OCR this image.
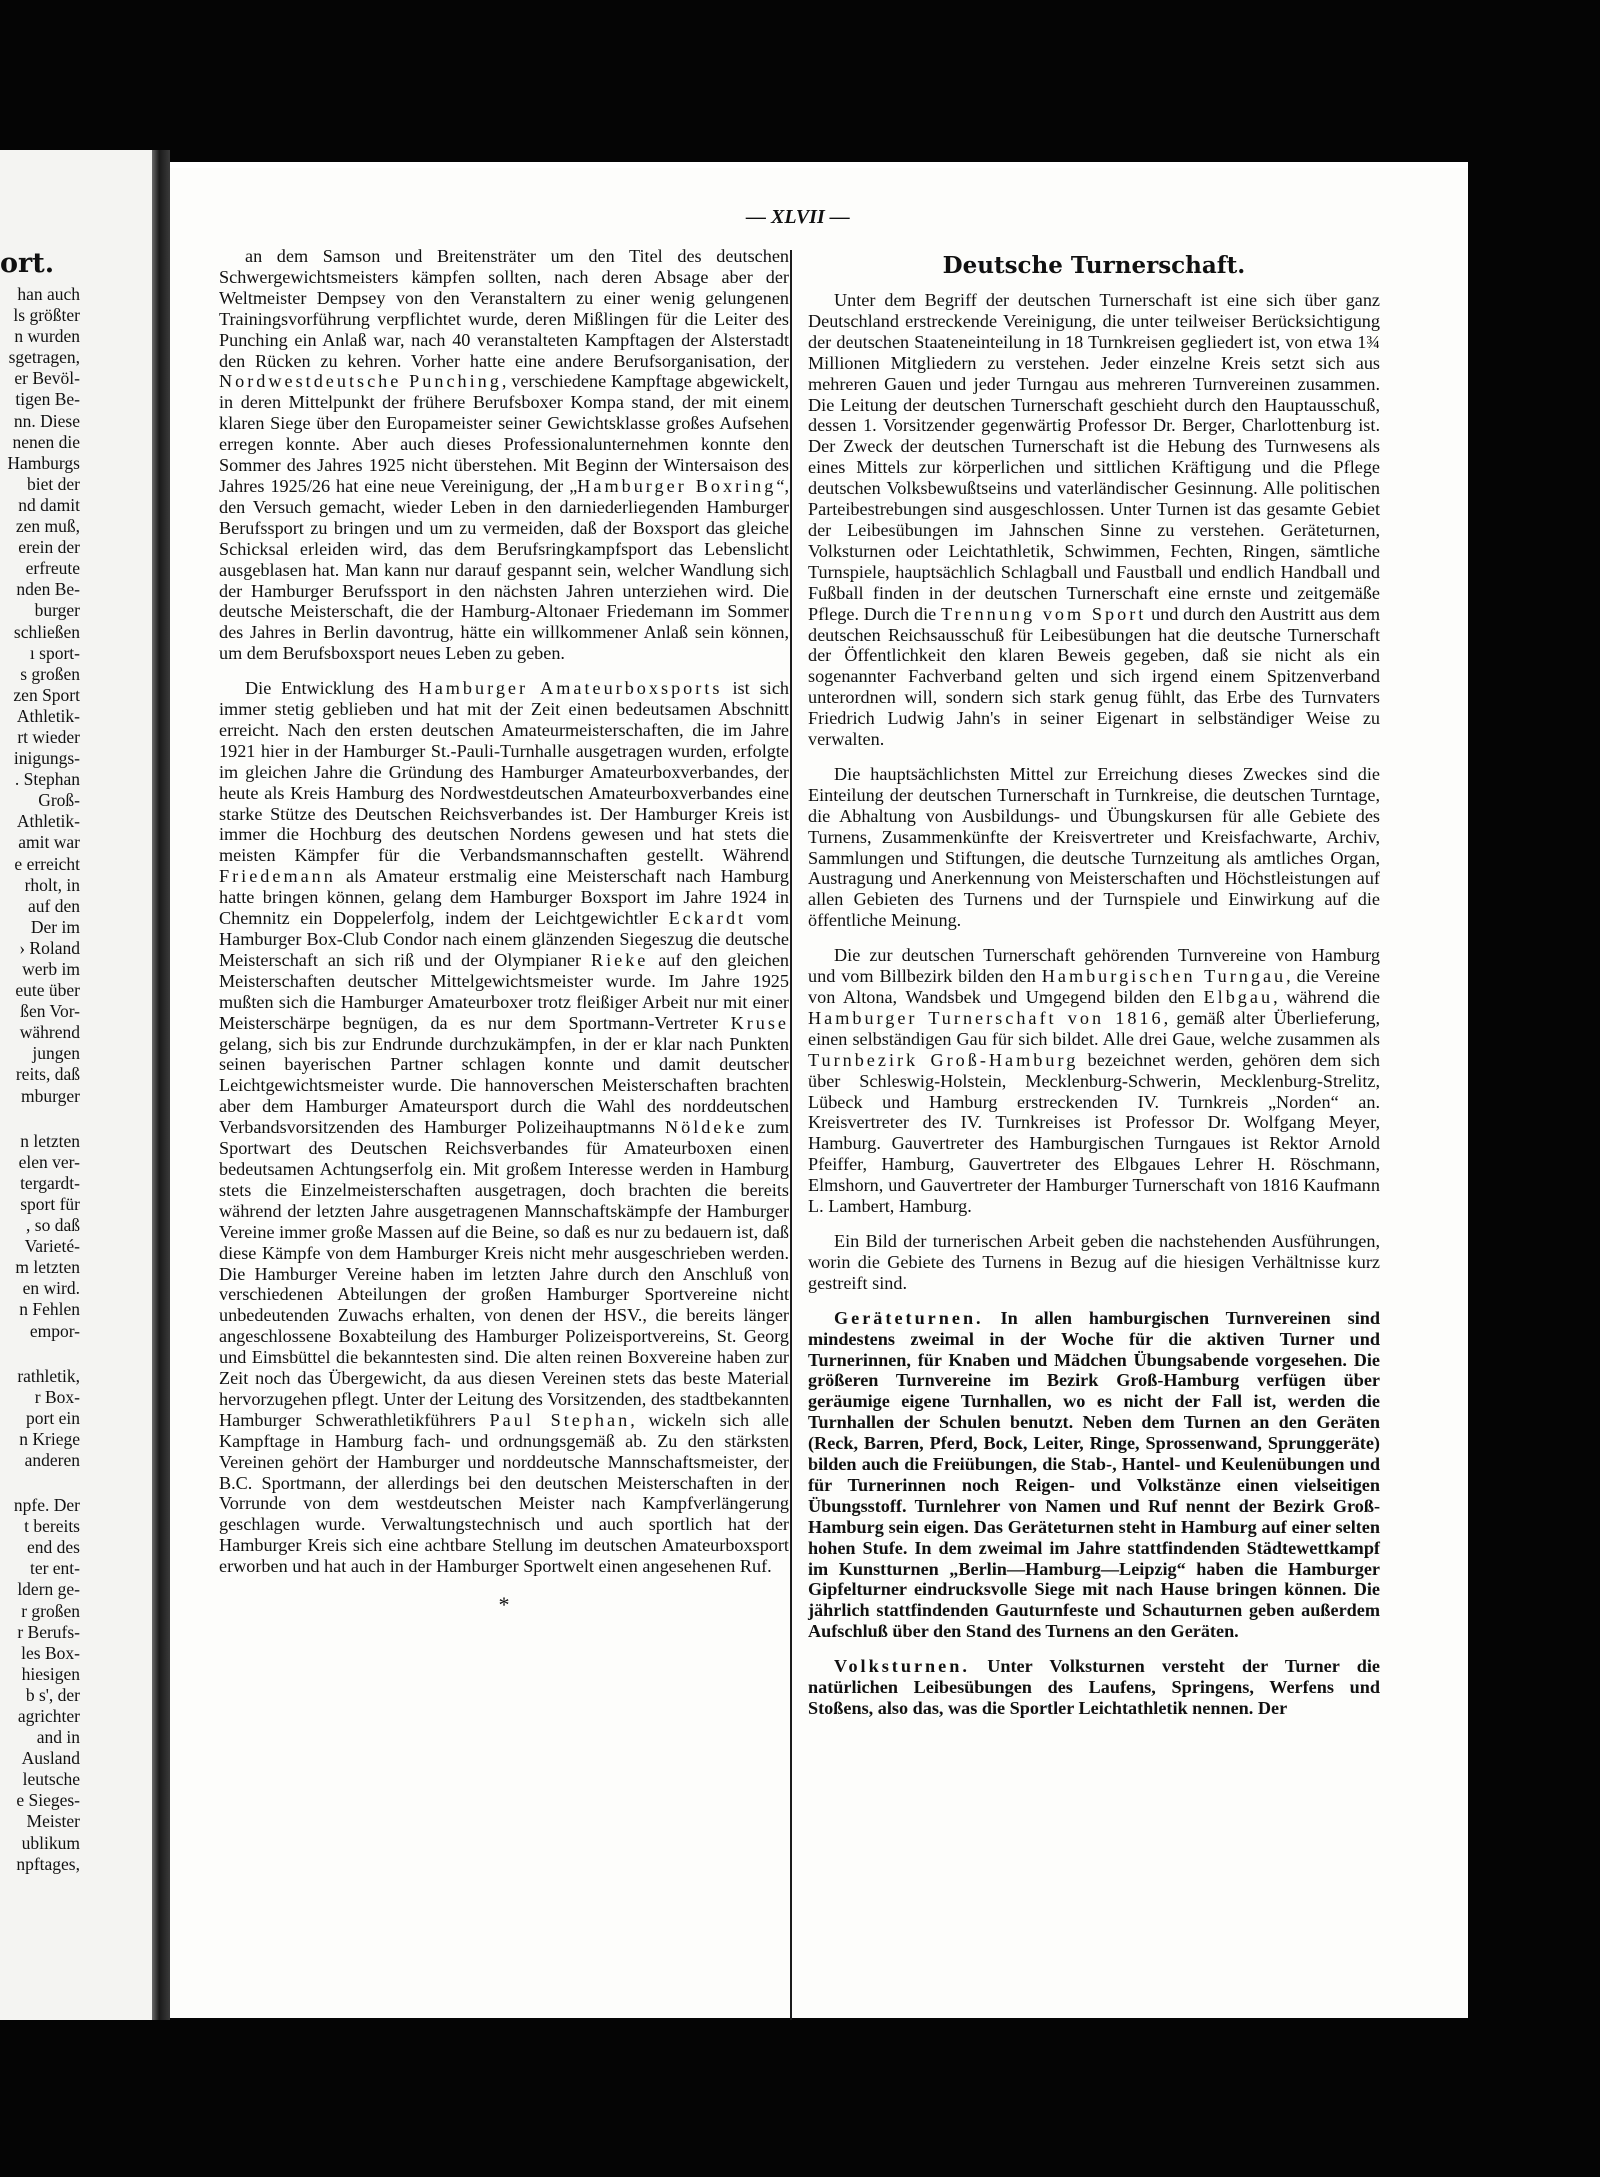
ort.
han auch
ls größter
n wurden
sgetragen,
er Bevöl-
tigen Be-
nn. Diese
nenen die
Hamburgs
biet der
nd damit
zen muß,
erein der
erfreute
nden Be-
burger
schließen
ı sport-
s großen
zen Sport
Athletik-
rt wieder
inigungs-
. Stephan
Groß-
Athletik-
amit war
e erreicht
rholt, in
auf den
Der im
› Roland
werb im
eute über
ßen Vor-
während
jungen
reits, daß
mburger
n letzten
elen ver-
tergardt-
sport für
, so daß
Varieté-
m letzten
en wird.
n Fehlen
empor-
rathletik,
r Box-
port ein
n Kriege
anderen
npfe. Der
t bereits
end des
ter ent-
ldern ge-
r großen
r Berufs-
les Box-
hiesigen
b s', der
agrichter
and in
Ausland
leutsche
e Sieges-
Meister
ublikum
npftages,
— XLVII —

an dem Samson und Breitensträter um den Titel des deutschen Schwergewichtsmeisters kämpfen sollten, nach deren Absage aber der Weltmeister Dempsey von den Veranstaltern zu einer wenig gelungenen Trainingsvorführung verpflichtet wurde, deren Mißlingen für die Leiter des Punching ein Anlaß war, nach 40 veranstalteten Kampftagen der Alsterstadt den Rücken zu kehren. Vorher hatte eine andere Berufsorganisation, der Nordwestdeutsche Punching, verschiedene Kampftage abgewickelt, in deren Mittelpunkt der frühere Berufsboxer Kompa stand, der mit einem klaren Siege über den Europameister seiner Gewichtsklasse großes Aufsehen erregen konnte. Aber auch dieses Professionalunternehmen konnte den Sommer des Jahres 1925 nicht überstehen. Mit Beginn der Wintersaison des Jahres 1925/26 hat eine neue Vereinigung, der „Hamburger Boxring“, den Versuch gemacht, wieder Leben in den darniederliegenden Hamburger Berufssport zu bringen und um zu vermeiden, daß der Boxsport das gleiche Schicksal erleiden wird, das dem Berufsringkampfsport das Lebenslicht ausgeblasen hat. Man kann nur darauf gespannt sein, welcher Wandlung sich der Hamburger Berufssport in den nächsten Jahren unterziehen wird. Die deutsche Meisterschaft, die der Hamburg-Altonaer Friedemann im Sommer des Jahres in Berlin davontrug, hätte ein willkommener Anlaß sein können, um dem Berufsboxsport neues Leben zu geben.

Die Entwicklung des Hamburger Amateurboxsports ist sich immer stetig geblieben und hat mit der Zeit einen bedeutsamen Abschnitt erreicht. Nach den ersten deutschen Amateurmeisterschaften, die im Jahre 1921 hier in der Hamburger St.-Pauli-Turnhalle ausgetragen wurden, erfolgte im gleichen Jahre die Gründung des Hamburger Amateurboxverbandes, der heute als Kreis Hamburg des Nordwestdeutschen Amateurboxverbandes eine starke Stütze des Deutschen Reichsverbandes ist. Der Hamburger Kreis ist immer die Hochburg des deutschen Nordens gewesen und hat stets die meisten Kämpfer für die Verbandsmannschaften gestellt. Während Friedemann als Amateur erstmalig eine Meisterschaft nach Hamburg hatte bringen können, gelang dem Hamburger Boxsport im Jahre 1924 in Chemnitz ein Doppelerfolg, indem der Leichtgewichtler Eckardt vom Hamburger Box-Club Condor nach einem glänzenden Siegeszug die deutsche Meisterschaft an sich riß und der Olympianer Rieke auf den gleichen Meisterschaften deutscher Mittelgewichtsmeister wurde. Im Jahre 1925 mußten sich die Hamburger Amateurboxer trotz fleißiger Arbeit nur mit einer Meisterschärpe begnügen, da es nur dem Sportmann-Vertreter Kruse gelang, sich bis zur Endrunde durchzukämpfen, in der er klar nach Punkten seinen bayerischen Partner schlagen konnte und damit deutscher Leichtgewichtsmeister wurde. Die hannoverschen Meisterschaften brachten aber dem Hamburger Amateursport durch die Wahl des norddeutschen Verbandsvorsitzenden des Hamburger Polizeihauptmanns Nöldeke zum Sportwart des Deutschen Reichsverbandes für Amateurboxen einen bedeutsamen Achtungserfolg ein. Mit großem Interesse werden in Hamburg stets die Einzelmeisterschaften ausgetragen, doch brachten die bereits während der letzten Jahre ausgetragenen Mannschaftskämpfe der Hamburger Vereine immer große Massen auf die Beine, so daß es nur zu bedauern ist, daß diese Kämpfe von dem Hamburger Kreis nicht mehr ausgeschrieben werden. Die Hamburger Vereine haben im letzten Jahre durch den Anschluß von verschiedenen Abteilungen der großen Hamburger Sportvereine nicht unbedeutenden Zuwachs erhalten, von denen der HSV., die bereits länger angeschlossene Boxabteilung des Hamburger Polizeisportvereins, St. Georg und Eimsbüttel die bekanntesten sind. Die alten reinen Boxvereine haben zur Zeit noch das Übergewicht, da aus diesen Vereinen stets das beste Material hervorzugehen pflegt. Unter der Leitung des Vorsitzenden, des stadtbekannten Hamburger Schwerathletikführers Paul Stephan, wickeln sich alle Kampftage in Hamburg fach- und ordnungsgemäß ab. Zu den stärksten Vereinen gehört der Hamburger und norddeutsche Mannschaftsmeister, der B.C. Sportmann, der allerdings bei den deutschen Meisterschaften in der Vorrunde von dem westdeutschen Meister nach Kampfverlängerung geschlagen wurde. Verwaltungstechnisch und auch sportlich hat der Hamburger Kreis sich eine achtbare Stellung im deutschen Amateurboxsport erworben und hat auch in der Hamburger Sportwelt einen angesehenen Ruf.

*
Deutsche Turnerschaft.

Unter dem Begriff der deutschen Turnerschaft ist eine sich über ganz Deutschland erstreckende Vereinigung, die unter teilweiser Berücksichtigung der deutschen Staateneinteilung in 18 Turnkreisen gegliedert ist, von etwa 1¾ Millionen Mitgliedern zu verstehen. Jeder einzelne Kreis setzt sich aus mehreren Gauen und jeder Turngau aus mehreren Turnvereinen zusammen. Die Leitung der deutschen Turnerschaft geschieht durch den Hauptausschuß, dessen 1. Vorsitzender gegenwärtig Professor Dr. Berger, Charlottenburg ist. Der Zweck der deutschen Turnerschaft ist die Hebung des Turnwesens als eines Mittels zur körperlichen und sittlichen Kräftigung und die Pflege deutschen Volksbewußtseins und vaterländischer Gesinnung. Alle politischen Parteibestrebungen sind ausgeschlossen. Unter Turnen ist das gesamte Gebiet der Leibesübungen im Jahnschen Sinne zu verstehen. Geräteturnen, Volksturnen oder Leichtathletik, Schwimmen, Fechten, Ringen, sämtliche Turnspiele, hauptsächlich Schlagball und Faustball und endlich Handball und Fußball finden in der deutschen Turnerschaft eine ernste und zeitgemäße Pflege. Durch die Trennung vom Sport und durch den Austritt aus dem deutschen Reichsausschuß für Leibesübungen hat die deutsche Turnerschaft der Öffentlichkeit den klaren Beweis gegeben, daß sie nicht als ein sogenannter Fachverband gelten und sich irgend einem Spitzenverband unterordnen will, sondern sich stark genug fühlt, das Erbe des Turnvaters Friedrich Ludwig Jahn's in seiner Eigenart in selbständiger Weise zu verwalten.

Die hauptsächlichsten Mittel zur Erreichung dieses Zweckes sind die Einteilung der deutschen Turnerschaft in Turnkreise, die deutschen Turntage, die Abhaltung von Ausbildungs- und Übungskursen für alle Gebiete des Turnens, Zusammenkünfte der Kreisvertreter und Kreisfachwarte, Archiv, Sammlungen und Stiftungen, die deutsche Turnzeitung als amtliches Organ, Austragung und Anerkennung von Meisterschaften und Höchstleistungen auf allen Gebieten des Turnens und der Turnspiele und Einwirkung auf die öffentliche Meinung.

Die zur deutschen Turnerschaft gehörenden Turnvereine von Hamburg und vom Billbezirk bilden den Hamburgischen Turngau, die Vereine von Altona, Wandsbek und Umgegend bilden den Elbgau, während die Hamburger Turnerschaft von 1816, gemäß alter Überlieferung, einen selbständigen Gau für sich bildet. Alle drei Gaue, welche zusammen als Turnbezirk Groß-Hamburg bezeichnet werden, gehören dem sich über Schleswig-Holstein, Mecklenburg-Schwerin, Mecklenburg-Strelitz, Lübeck und Hamburg erstreckenden IV. Turnkreis „Norden“ an. Kreisvertreter des IV. Turnkreises ist Professor Dr. Wolfgang Meyer, Hamburg. Gauvertreter des Hamburgischen Turngaues ist Rektor Arnold Pfeiffer, Hamburg, Gauvertreter des Elbgaues Lehrer H. Röschmann, Elmshorn, und Gauvertreter der Hamburger Turnerschaft von 1816 Kaufmann L. Lambert, Hamburg.

Ein Bild der turnerischen Arbeit geben die nachstehenden Ausführungen, worin die Gebiete des Turnens in Bezug auf die hiesigen Verhältnisse kurz gestreift sind.

Geräteturnen. In allen hamburgischen Turnvereinen sind mindestens zweimal in der Woche für die aktiven Turner und Turnerinnen, für Knaben und Mädchen Übungsabende vorgesehen. Die größeren Turnvereine im Bezirk Groß-Hamburg verfügen über geräumige eigene Turnhallen, wo es nicht der Fall ist, werden die Turnhallen der Schulen benutzt. Neben dem Turnen an den Geräten (Reck, Barren, Pferd, Bock, Leiter, Ringe, Sprossenwand, Sprunggeräte) bilden auch die Freiübungen, die Stab-, Hantel- und Keulenübungen und für Turnerinnen noch Reigen- und Volkstänze einen vielseitigen Übungsstoff. Turnlehrer von Namen und Ruf nennt der Bezirk Groß-Hamburg sein eigen. Das Geräteturnen steht in Hamburg auf einer selten hohen Stufe. In dem zweimal im Jahre stattfindenden Städtewettkampf im Kunstturnen „Berlin—Hamburg—Leipzig“ haben die Hamburger Gipfelturner eindrucksvolle Siege mit nach Hause bringen können. Die jährlich stattfindenden Gauturnfeste und Schauturnen geben außerdem Aufschluß über den Stand des Turnens an den Geräten.

Volksturnen. Unter Volksturnen versteht der Turner die natürlichen Leibesübungen des Laufens, Springens, Werfens und Stoßens, also das, was die Sportler Leichtathletik nennen. Der
